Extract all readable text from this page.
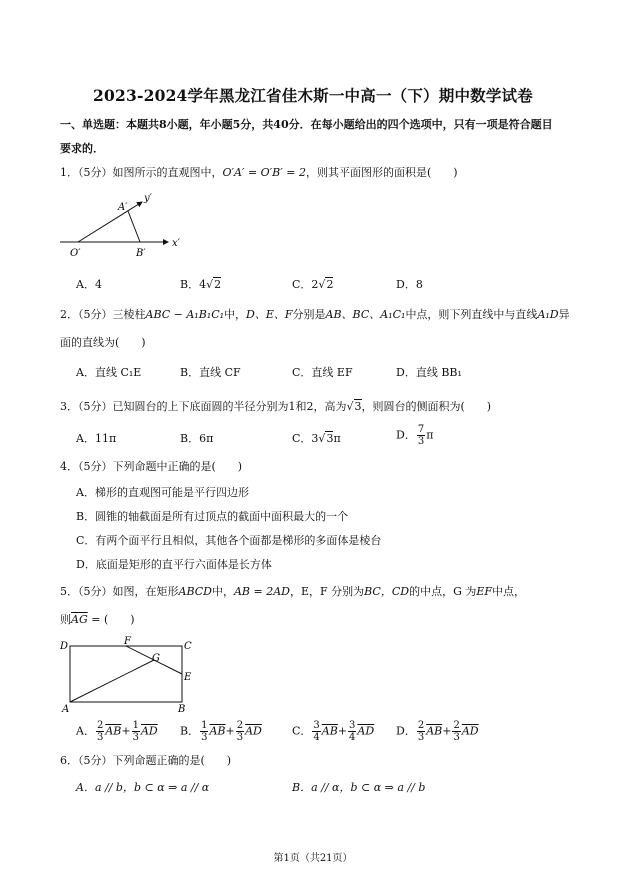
2023-2024学年黑龙江省佳木斯一中高一（下）期中数学试卷
一、单选题：本题共8小题，年小题5分，共40分．在每小题给出的四个选项中，只有一项是符合题目
要求的．
1．（5分）如图所示的直观图中，O′A′ = O′B′ = 2，则其平面图形的面积是(　　)
A′
y′
O′	B′
x′
A．4	B．4√2	C．2√2	D．8
2．（5分）三棱柱ABC − A₁B₁C₁中，D、E、F分别是AB、BC、A₁C₁中点，则下列直线中与直线A₁D异
面的直线为(　　)
A．直线 C₁E	B．直线 CF	C．直线 EF	D．直线 BB₁
3．（5分）已知圆台的上下底面圆的半径分别为1和2，高为√3，则圆台的侧面积为(　　)
A．11π	B．6π	C．3√3π	D． $\frac{7}{3}$ π
4．（5分）下列命题中正确的是(　　)
A．梯形的直观图可能是平行四边形
B．圆锥的轴截面是所有过顶点的截面中面积最大的一个
C．有两个面平行且相似，其他各个面都是梯形的多面体是棱台
D．底面是矩形的直平行六面体是长方体
5．（5分）如图，在矩形ABCD中，AB = 2AD，E，F 分别为BC，CD的中点，G 为EF中点，
则$\overline{AG}$ = (　　)
D	F	C
G
E
A	B
A． $\frac{2}{3} \overline{AB}+ \frac{1}{3} \overline{AD}$ B． $\frac{1}{3} \overline{AB}+ \frac{2}{3} \overline{AD}$	C． $\frac{3}{4} \overline{AB}+ \frac{3}{4} \overline{AD}$ D． $\frac{2}{3} \overline{AB}+ \frac{2}{3} \overline{AD}$
6．（5分）下列命题正确的是(　　)
A．a // b，b ⊂ α ⇒ a // α	B．a // α，b ⊂ α ⇒ a // b
第1页（共21页）
